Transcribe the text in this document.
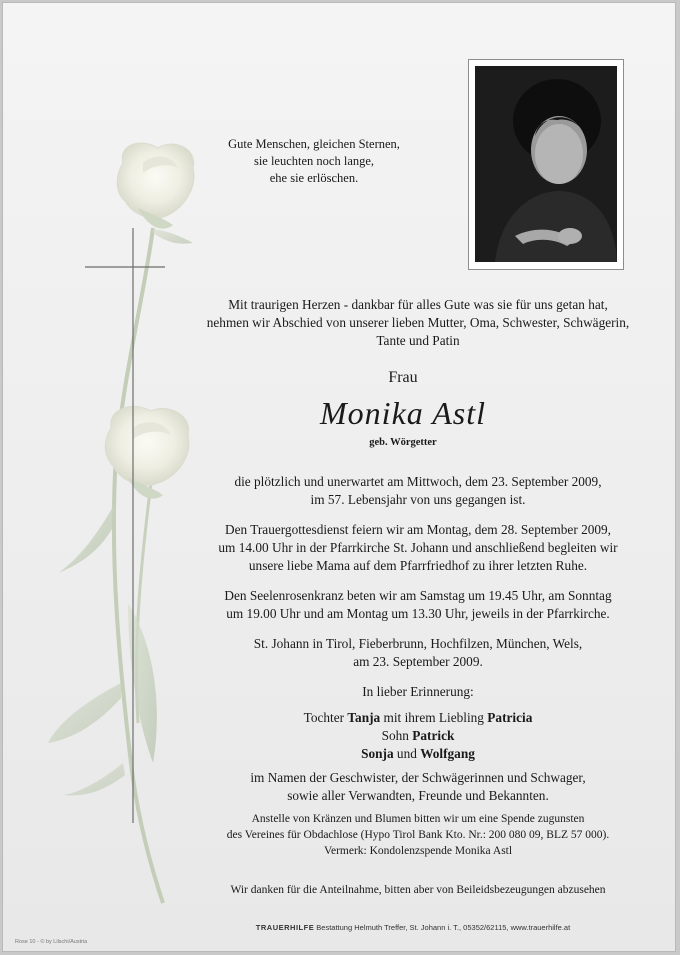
Gute Menschen, gleichen Sternen,
sie leuchten noch lange,
ehe sie erlöschen.
Mit traurigen Herzen - dankbar für alles Gute was sie für uns getan hat,
nehmen wir Abschied von unserer lieben Mutter, Oma, Schwester, Schwägerin,
Tante und Patin
Frau
Monika Astl
geb. Wörgetter
die plötzlich und unerwartet am Mittwoch, dem 23. September 2009,
im 57. Lebensjahr von uns gegangen ist.
Den Trauergottesdienst feiern wir am Montag, dem 28. September 2009,
um 14.00 Uhr in der Pfarrkirche St. Johann und anschließend begleiten wir
unsere liebe Mama auf dem Pfarrfriedhof zu ihrer letzten Ruhe.
Den Seelenrosenkranz beten wir am Samstag um 19.45 Uhr, am Sonntag
um 19.00 Uhr und am Montag um 13.30 Uhr, jeweils in der Pfarrkirche.
St. Johann in Tirol, Fieberbrunn, Hochfilzen, München, Wels,
am 23. September 2009.
In lieber Erinnerung:
Tochter Tanja mit ihrem Liebling Patricia
Sohn Patrick
Sonja und Wolfgang
im Namen der Geschwister, der Schwägerinnen und Schwager,
sowie aller Verwandten, Freunde und Bekannten.
Anstelle von Kränzen und Blumen bitten wir um eine Spende zugunsten
des Vereines für Obdachlose (Hypo Tirol Bank Kto. Nr.: 200 080 09, BLZ 57 000).
Vermerk: Kondolenzspende Monika Astl
Wir danken für die Anteilnahme, bitten aber von Beileidsbezeugungen abzusehen
TRAUERHILFE Bestattung Helmuth Treffer, St. Johann i. T., 05352/62115, www.trauerhilfe.at
Rose 10 - © by Lilschi/Austria
